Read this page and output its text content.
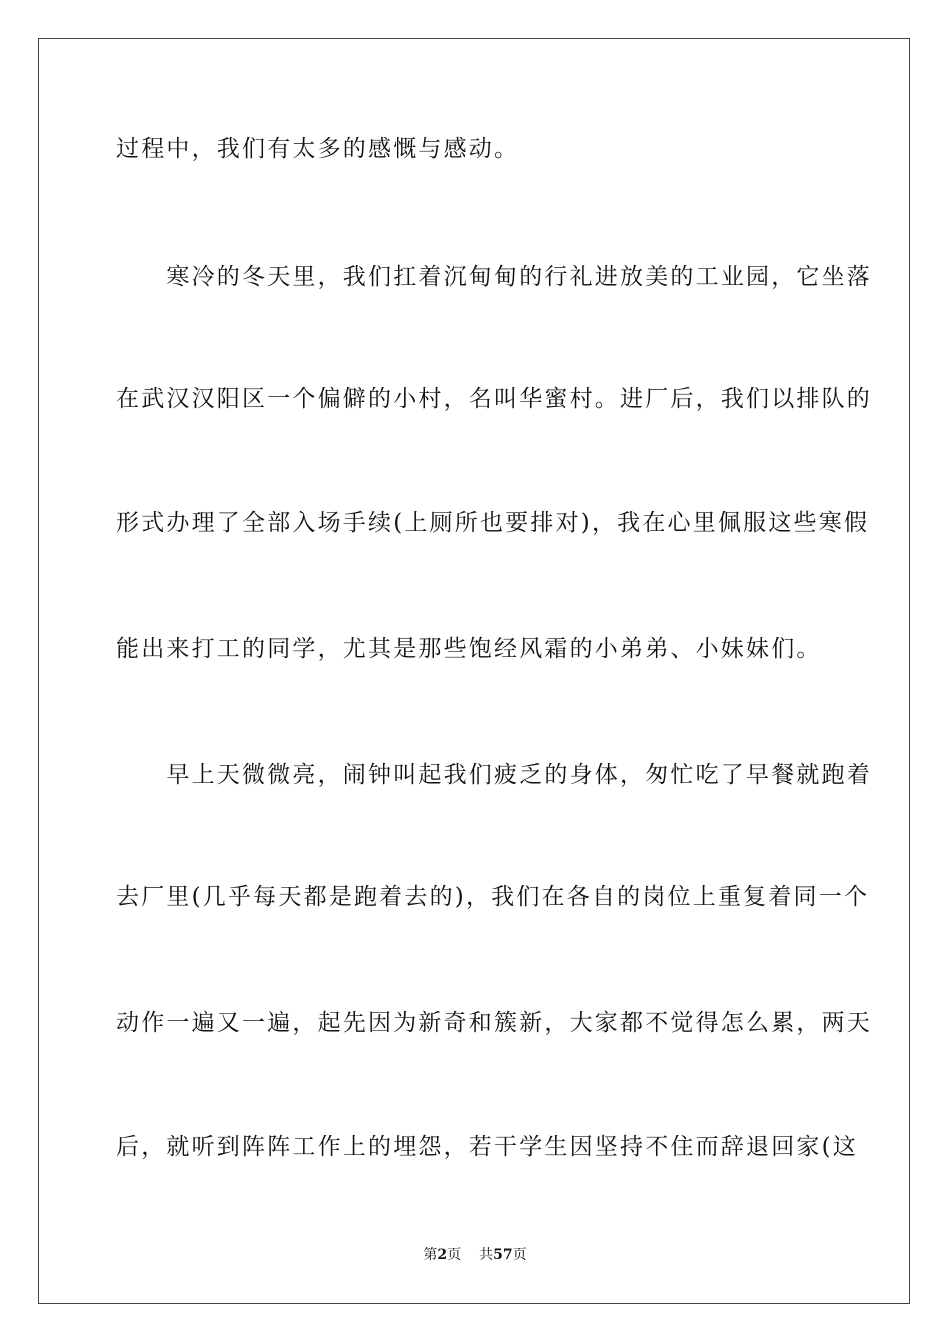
过程中，我们有太多的感慨与感动。
　　寒冷的冬天里，我们扛着沉甸甸的行礼进放美的工业园，它坐落
在武汉汉阳区一个偏僻的小村，名叫华蜜村。进厂后，我们以排队的
形式办理了全部入场手续(上厕所也要排对)，我在心里佩服这些寒假
能出来打工的同学，尤其是那些饱经风霜的小弟弟、小妹妹们。
　　早上天微微亮，闹钟叫起我们疲乏的身体，匆忙吃了早餐就跑着
去厂里(几乎每天都是跑着去的)，我们在各自的岗位上重复着同一个
动作一遍又一遍，起先因为新奇和簇新，大家都不觉得怎么累，两天
后，就听到阵阵工作上的埋怨，若干学生因坚持不住而辞退回家(这
第2页 共57页
